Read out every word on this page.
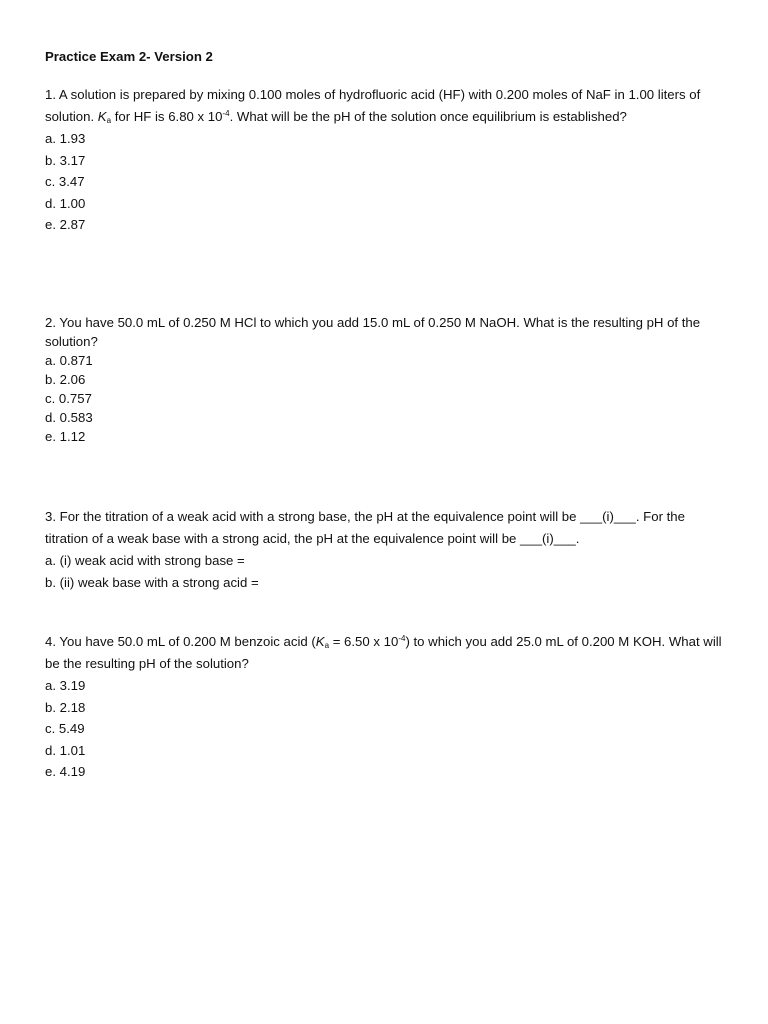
Practice Exam 2- Version 2

1. A solution is prepared by mixing 0.100 moles of hydrofluoric acid (HF) with 0.200 moles of NaF in 1.00 liters of solution. $K_a$ for HF is 6.80 x $10^{-4}$. What will be the pH of the solution once equilibrium is established?

a. 1.93
b. 3.17
c. 3.47
d. 1.00
e. 2.87

2. You have 50.0 mL of 0.250 M HCl to which you add 15.0 mL of 0.250 M NaOH. What is the resulting pH of the solution?

a. 0.871
b. 2.06
c. 0.757
d. 0.583
e. 1.12

3. For the titration of a weak acid with a strong base, the pH at the equivalence point will be ___(i)___. For the titration of a weak base with a strong acid, the pH at the equivalence point will be ___(i)___.

a. (i) weak acid with strong base =
b. (ii) weak base with a strong acid =

4. You have 50.0 mL of 0.200 M benzoic acid ($K_a = 6.50$ x $10^{-4}$) to which you add 25.0 mL of 0.200 M KOH. What will be the resulting pH of the solution?

a. 3.19
b. 2.18
c. 5.49
d. 1.01
e. 4.19
